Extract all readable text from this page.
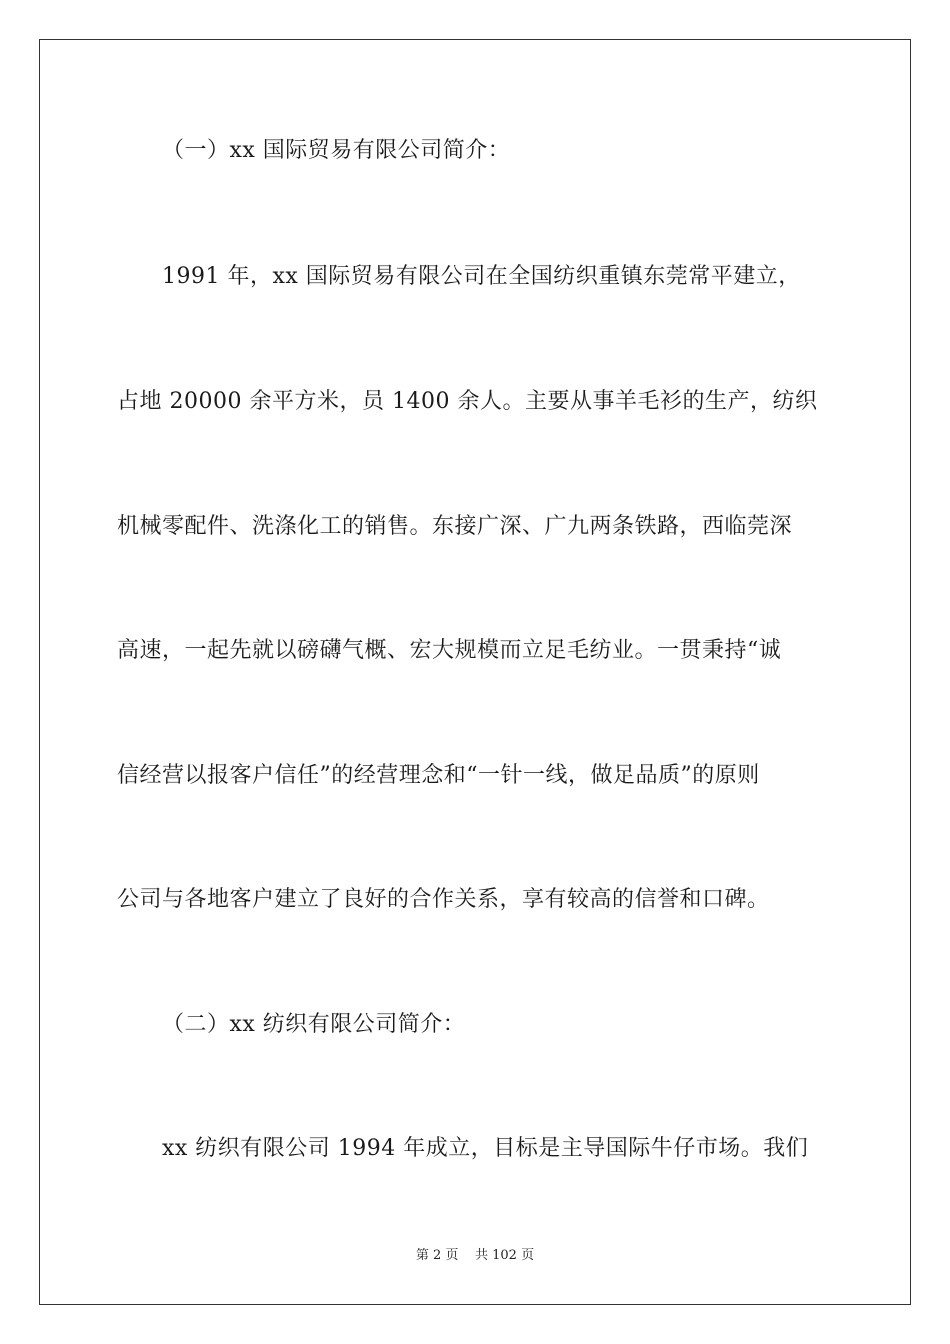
（一）xx 国际贸易有限公司简介：
1991 年，xx 国际贸易有限公司在全国纺织重镇东莞常平建立，
占地 20000 余平方米，员 1400 余人。主要从事羊毛衫的生产，纺织
机械零配件、洗涤化工的销售。东接广深、广九两条铁路，西临莞深
高速，一起先就以磅礴气概、宏大规模而立足毛纺业。一贯秉持“诚
信经营以报客户信任”的经营理念和“一针一线，做足品质”的原则
公司与各地客户建立了良好的合作关系，享有较高的信誉和口碑。
（二）xx 纺织有限公司简介：
xx 纺织有限公司 1994 年成立，目标是主导国际牛仔市场。我们
第 2 页 共 102 页
